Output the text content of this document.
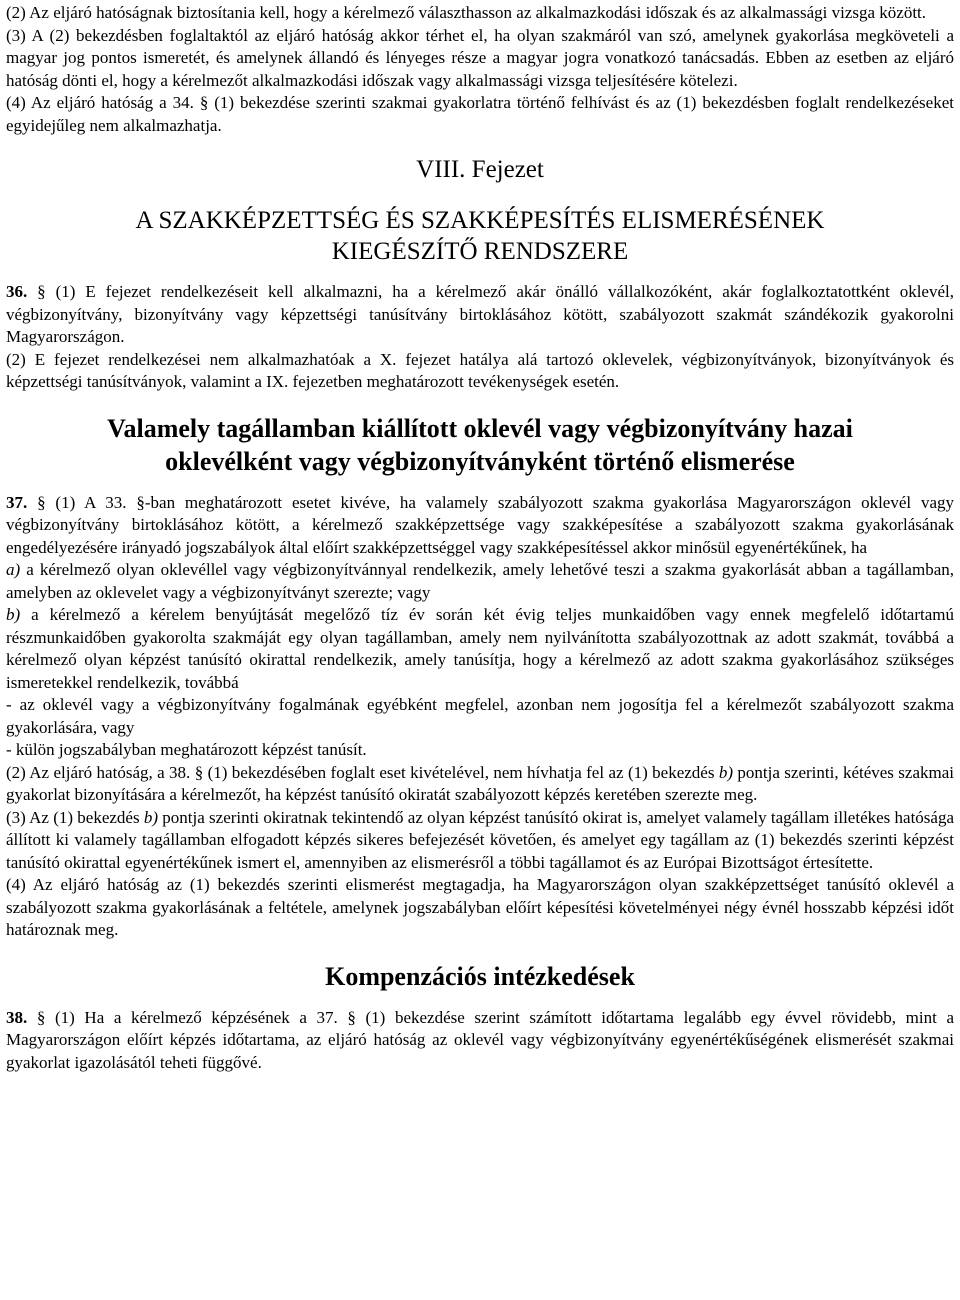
(2) Az eljáró hatóságnak biztosítania kell, hogy a kérelmező választhasson az alkalmazkodási időszak és az alkalmassági vizsga között.

(3) A (2) bekezdésben foglaltaktól az eljáró hatóság akkor térhet el, ha olyan szakmáról van szó, amelynek gyakorlása megköveteli a magyar jog pontos ismeretét, és amelynek állandó és lényeges része a magyar jogra vonatkozó tanácsadás. Ebben az esetben az eljáró hatóság dönti el, hogy a kérelmezőt alkalmazkodási időszak vagy alkalmassági vizsga teljesítésére kötelezi.

(4) Az eljáró hatóság a 34. § (1) bekezdése szerinti szakmai gyakorlatra történő felhívást és az (1) bekezdésben foglalt rendelkezéseket egyidejűleg nem alkalmazhatja.

VIII. Fejezet
A SZAKKÉPZETTSÉG ÉS SZAKKÉPESÍTÉS ELISMERÉSÉNEK
KIEGÉSZÍTŐ RENDSZERE

36. § (1) E fejezet rendelkezéseit kell alkalmazni, ha a kérelmező akár önálló vállalkozóként, akár foglalkoztatottként oklevél, végbizonyítvány, bizonyítvány vagy képzettségi tanúsítvány birtoklásához kötött, szabályozott szakmát szándékozik gyakorolni Magyarországon.

(2) E fejezet rendelkezései nem alkalmazhatóak a X. fejezet hatálya alá tartozó oklevelek, végbizonyítványok, bizonyítványok és képzettségi tanúsítványok, valamint a IX. fejezetben meghatározott tevékenységek esetén.

Valamely tagállamban kiállított oklevél vagy végbizonyítvány hazai
oklevélként vagy végbizonyítványként történő elismerése

37. § (1) A 33. §-ban meghatározott esetet kivéve, ha valamely szabályozott szakma gyakorlása Magyarországon oklevél vagy végbizonyítvány birtoklásához kötött, a kérelmező szakképzettsége vagy szakképesítése a szabályozott szakma gyakorlásának engedélyezésére irányadó jogszabályok által előírt szakképzettséggel vagy szakképesítéssel akkor minősül egyenértékűnek, ha

a) a kérelmező olyan oklevéllel vagy végbizonyítvánnyal rendelkezik, amely lehetővé teszi a szakma gyakorlását abban a tagállamban, amelyben az oklevelet vagy a végbizonyítványt szerezte; vagy

b) a kérelmező a kérelem benyújtását megelőző tíz év során két évig teljes munkaidőben vagy ennek megfelelő időtartamú részmunkaidőben gyakorolta szakmáját egy olyan tagállamban, amely nem nyilvánította szabályozottnak az adott szakmát, továbbá a kérelmező olyan képzést tanúsító okirattal rendelkezik, amely tanúsítja, hogy a kérelmező az adott szakma gyakorlásához szükséges ismeretekkel rendelkezik, továbbá

- az oklevél vagy a végbizonyítvány fogalmának egyébként megfelel, azonban nem jogosítja fel a kérelmezőt szabályozott szakma gyakorlására, vagy

- külön jogszabályban meghatározott képzést tanúsít.

(2) Az eljáró hatóság, a 38. § (1) bekezdésében foglalt eset kivételével, nem hívhatja fel az (1) bekezdés b) pontja szerinti, kétéves szakmai gyakorlat bizonyítására a kérelmezőt, ha képzést tanúsító okiratát szabályozott képzés keretében szerezte meg.

(3) Az (1) bekezdés b) pontja szerinti okiratnak tekintendő az olyan képzést tanúsító okirat is, amelyet valamely tagállam illetékes hatósága állított ki valamely tagállamban elfogadott képzés sikeres befejezését követően, és amelyet egy tagállam az (1) bekezdés szerinti képzést tanúsító okirattal egyenértékűnek ismert el, amennyiben az elismerésről a többi tagállamot és az Európai Bizottságot értesítette.

(4) Az eljáró hatóság az (1) bekezdés szerinti elismerést megtagadja, ha Magyarországon olyan szakképzettséget tanúsító oklevél a szabályozott szakma gyakorlásának a feltétele, amelynek jogszabályban előírt képesítési követelményei négy évnél hosszabb képzési időt határoznak meg.

Kompenzációs intézkedések

38. § (1) Ha a kérelmező képzésének a 37. § (1) bekezdése szerint számított időtartama legalább egy évvel rövidebb, mint a Magyarországon előírt képzés időtartama, az eljáró hatóság az oklevél vagy végbizonyítvány egyenértékűségének elismerését szakmai gyakorlat igazolásától teheti függővé.
